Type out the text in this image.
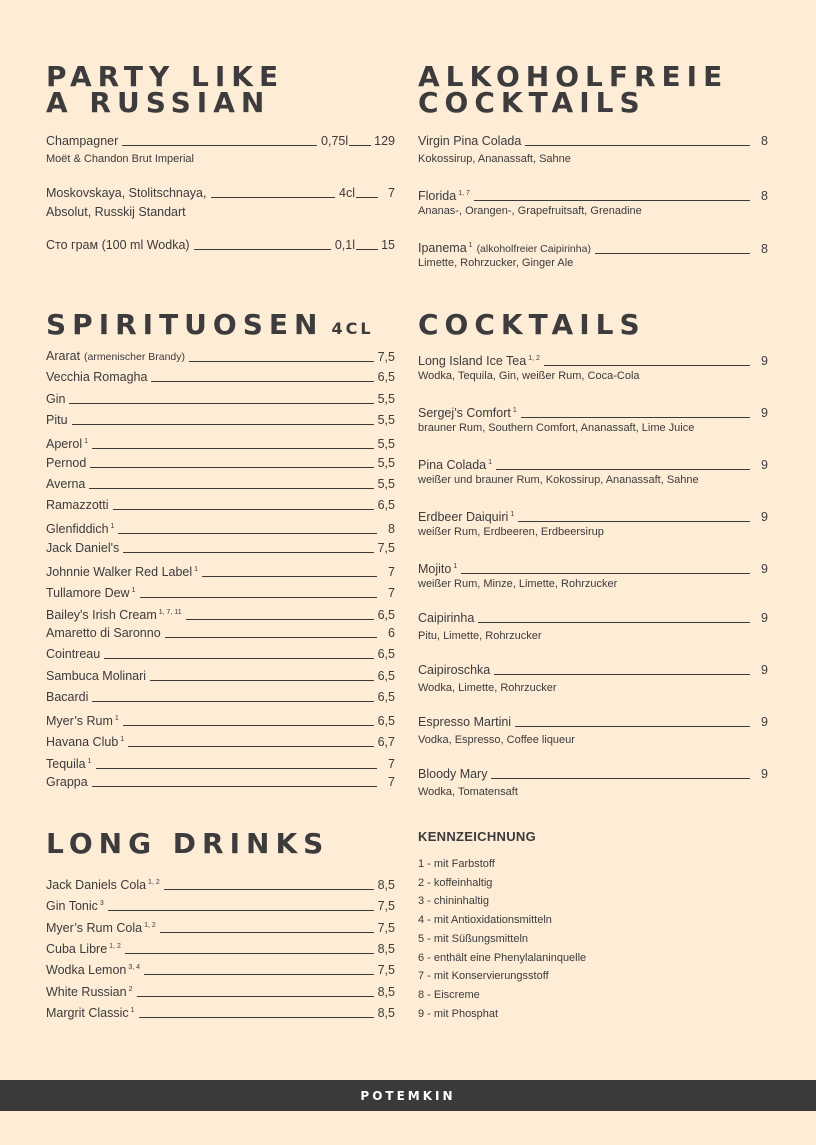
PARTY LIKE
A RUSSIAN
Champagner	0,75l 129
Moët & Chandon Brut Imperial
Moskovskaya, Stolitschnaya,	4cl	7
Absolut, Russkij Standart
Сто грам (100 ml Wodka)	0,1l 15
SPIRITUOSEN 4CL
Ararat (armenischer Brandy)	7,5
Vecchia Romagha	6,5
Gin	5,5
Pitu	5,5
Aperol $^1$	5,5
Pernod	5,5
Averna	5,5
Ramazzotti	6,5
Glenfiddich $^1$	8
Jack Daniel's	7,5
Johnnie Walker Red Label $^1$	7
Tullamore Dew $^1$	7
Bailey's Irish Cream $^{1, 7, 11}$	6,5
Amaretto di Saronno	6
Cointreau	6,5
Sambuca Molinari	6,5
Bacardi	6,5
Myer’s Rum $^1$	6,5
Havana Club $^1$	6,7
Tequila $^1$	7
Grappa	7
LONG DRINKS
Jack Daniels Cola $^{1, 2}$	8,5
Gin Tonic $^3$	7,5
Myer’s Rum Cola $^{1, 2}$	7,5
Cuba Libre $^{1, 2}$	8,5
Wodka Lemon $^{3, 4}$	7,5
White Russian $^2$	8,5
Margrit Classic $^1$	8,5
ALKOHOLFREIE
COCKTAILS
Virgin Pina Colada	8
Kokossirup, Ananassaft, Sahne
Florida $^{1, 7}$	8
Ananas-, Orangen-, Grapefruitsaft, Grenadine
Ipanema $^1$ (alkoholfreier Caipirinha)	8
Limette, Rohrzucker, Ginger Ale
COCKTAILS
Long Island Ice Tea $^{1, 2}$	9
Wodka, Tequila, Gin, weißer Rum, Coca-Cola
Sergej’s Comfort $^1$	9
brauner Rum, Southern Comfort, Ananassaft, Lime Juice
Pina Colada $^1$	9
weißer und brauner Rum, Kokossirup, Ananassaft, Sahne
Erdbeer Daiquiri $^1$	9
weißer Rum, Erdbeeren, Erdbeersirup
Mojito $^1$	9
weißer Rum, Minze, Limette, Rohrzucker
Caipirinha	9
Pitu, Limette, Rohrzucker
Caipiroschka	9
Wodka, Limette, Rohrzucker
Espresso Martini	9
Vodka, Espresso, Coffee liqueur
Bloody Mary	9
Wodka, Tomatensaft
KENNZEICHNUNG
1 - mit Farbstoff
2 - koffeinhaltig
3 - chininhaltig
4 - mit Antioxidationsmitteln
5 - mit Süßungsmitteln
6 - enthält eine Phenylalaninquelle
7 - mit Konservierungsstoff
8 - Eiscreme
9 - mit Phosphat
POTEMKIN
